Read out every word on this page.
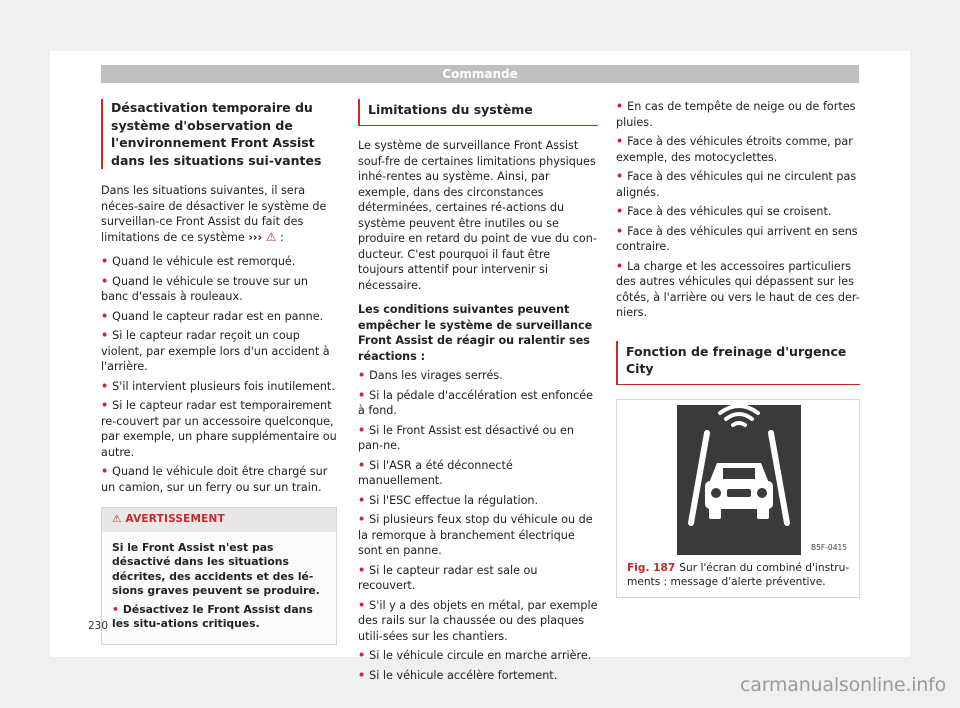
Commande
Désactivation temporaire du système d'observation de l'environnement Front Assist dans les situations sui-vantes

Dans les situations suivantes, il sera néces-saire de désactiver le système de surveillan-ce Front Assist du fait des limitations de ce système ››› ⚠ :

• Quand le véhicule est remorqué.

• Quand le véhicule se trouve sur un banc d'essais à rouleaux.

• Quand le capteur radar est en panne.

• Si le capteur radar reçoit un coup violent, par exemple lors d'un accident à l'arrière.

• S'il intervient plusieurs fois inutilement.

• Si le capteur radar est temporairement re-couvert par un accessoire quelconque, par exemple, un phare supplémentaire ou autre.

• Quand le véhicule doit être chargé sur un camion, sur un ferry ou sur un train.

⚠ AVERTISSEMENT

Si le Front Assist n'est pas désactivé dans les situations décrites, des accidents et des lé-sions graves peuvent se produire.

• Désactivez le Front Assist dans les situ-ations critiques.

Limitations du système

Le système de surveillance Front Assist souf-fre de certaines limitations physiques inhé-rentes au système. Ainsi, par exemple, dans des circonstances déterminées, certaines ré-actions du système peuvent être inutiles ou se produire en retard du point de vue du con-ducteur. C'est pourquoi il faut être toujours attentif pour intervenir si nécessaire.

Les conditions suivantes peuvent empêcher le système de surveillance Front Assist de réagir ou ralentir ses réactions :

• Dans les virages serrés.

• Si la pédale d'accélération est enfoncée à fond.

• Si le Front Assist est désactivé ou en pan-ne.

• Si l'ASR a été déconnecté manuellement.

• Si l'ESC effectue la régulation.

• Si plusieurs feux stop du véhicule ou de la remorque à branchement électrique sont en panne.

• Si le capteur radar est sale ou recouvert.

• S'il y a des objets en métal, par exemple des rails sur la chaussée ou des plaques utili-sées sur les chantiers.

• Si le véhicule circule en marche arrière.

• Si le véhicule accélère fortement.

• En cas de tempête de neige ou de fortes pluies.

• Face à des véhicules étroits comme, par exemple, des motocyclettes.

• Face à des véhicules qui ne circulent pas alignés.

• Face à des véhicules qui se croisent.

• Face à des véhicules qui arrivent en sens contraire.

• La charge et les accessoires particuliers des autres véhicules qui dépassent sur les côtés, à l'arrière ou vers le haut de ces der-niers.

Fonction de freinage d'urgence City
B5F-0415
Fig. 187 Sur l'écran du combiné d'instru-ments : message d'alerte préventive.
230
carmanualsonline.info
